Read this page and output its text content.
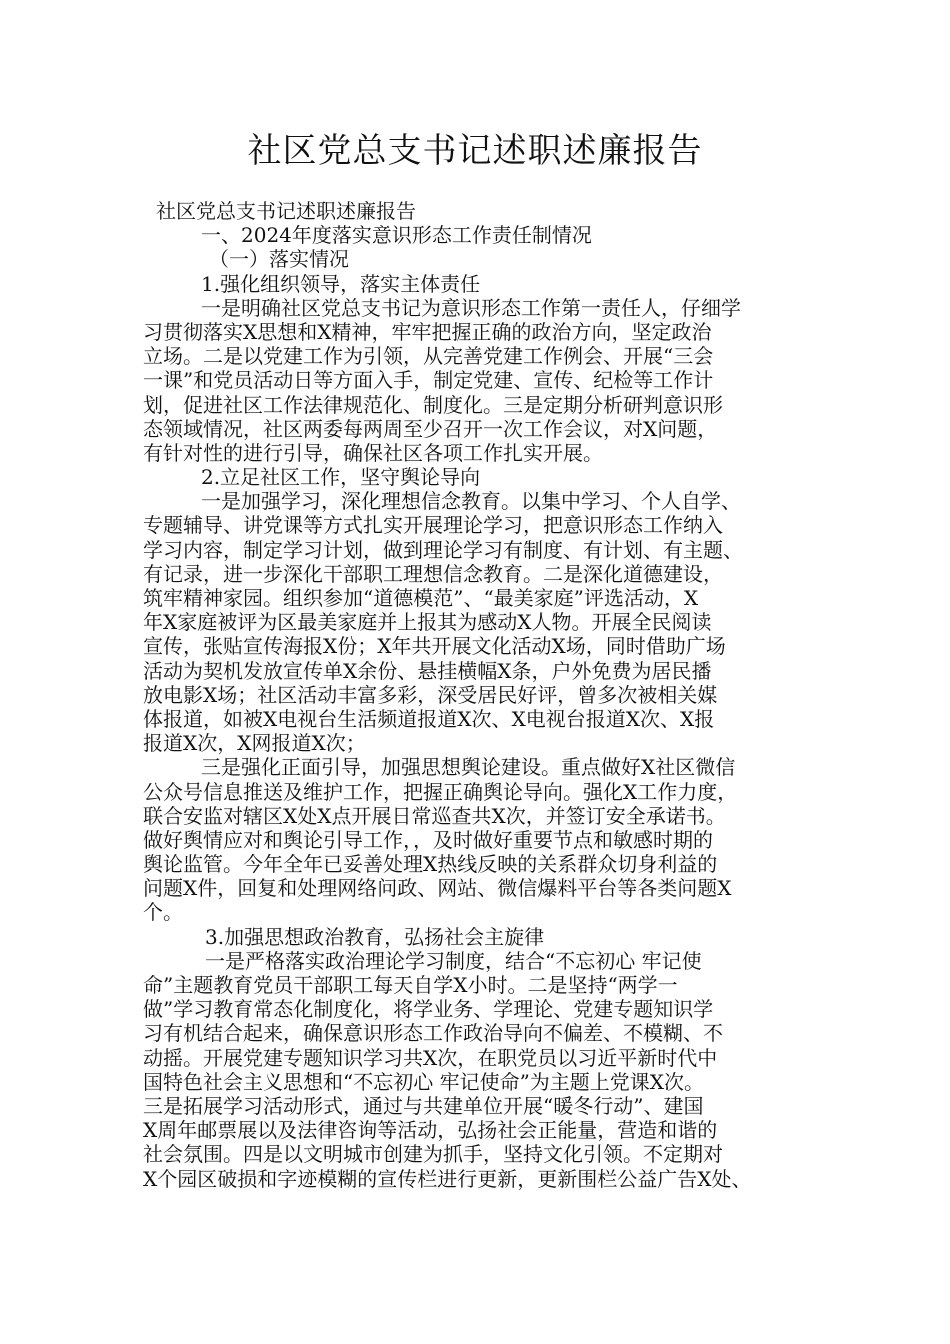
社区党总支书记述职述廉报告
社区党总支书记述职述廉报告
一、2024年度落实意识形态工作责任制情况
（一）落实情况
1.强化组织领导，落实主体责任
一是明确社区党总支书记为意识形态工作第一责任人，仔细学
习贯彻落实X思想和X精神，牢牢把握正确的政治方向，坚定政治
立场。二是以党建工作为引领，从完善党建工作例会、开展“三会
一课”和党员活动日等方面入手，制定党建、宣传、纪检等工作计
划，促进社区工作法律规范化、制度化。三是定期分析研判意识形
态领域情况，社区两委每两周至少召开一次工作会议，对X问题，
有针对性的进行引导，确保社区各项工作扎实开展。
2.立足社区工作，坚守舆论导向
一是加强学习，深化理想信念教育。以集中学习、个人自学、
专题辅导、讲党课等方式扎实开展理论学习，把意识形态工作纳入
学习内容，制定学习计划，做到理论学习有制度、有计划、有主题、
有记录，进一步深化干部职工理想信念教育。二是深化道德建设，
筑牢精神家园。组织参加“道德模范”、“最美家庭”评选活动，X
年X家庭被评为区最美家庭并上报其为感动X人物。开展全民阅读
宣传，张贴宣传海报X份；X年共开展文化活动X场，同时借助广场
活动为契机发放宣传单X余份、悬挂横幅X条，户外免费为居民播
放电影X场；社区活动丰富多彩，深受居民好评，曾多次被相关媒
体报道，如被X电视台生活频道报道X次、X电视台报道X次、X报
报道X次，X网报道X次；
三是强化正面引导，加强思想舆论建设。重点做好X社区微信
公众号信息推送及维护工作，把握正确舆论导向。强化X工作力度，
联合安监对辖区X处X点开展日常巡查共X次，并签订安全承诺书。
做好舆情应对和舆论引导工作，，及时做好重要节点和敏感时期的
舆论监管。今年全年已妥善处理X热线反映的关系群众切身利益的
问题X件，回复和处理网络问政、网站、微信爆料平台等各类问题X
个。
3.加强思想政治教育，弘扬社会主旋律
一是严格落实政治理论学习制度，结合“不忘初心 牢记使
命”主题教育党员干部职工每天自学X小时。二是坚持“两学一
做”学习教育常态化制度化，将学业务、学理论、党建专题知识学
习有机结合起来，确保意识形态工作政治导向不偏差、不模糊、不
动摇。开展党建专题知识学习共X次，在职党员以习近平新时代中
国特色社会主义思想和“不忘初心 牢记使命”为主题上党课X次。
三是拓展学习活动形式，通过与共建单位开展“暖冬行动”、建国
X周年邮票展以及法律咨询等活动，弘扬社会正能量，营造和谐的
社会氛围。四是以文明城市创建为抓手，坚持文化引领。不定期对
X个园区破损和字迹模糊的宣传栏进行更新，更新围栏公益广告X处、
